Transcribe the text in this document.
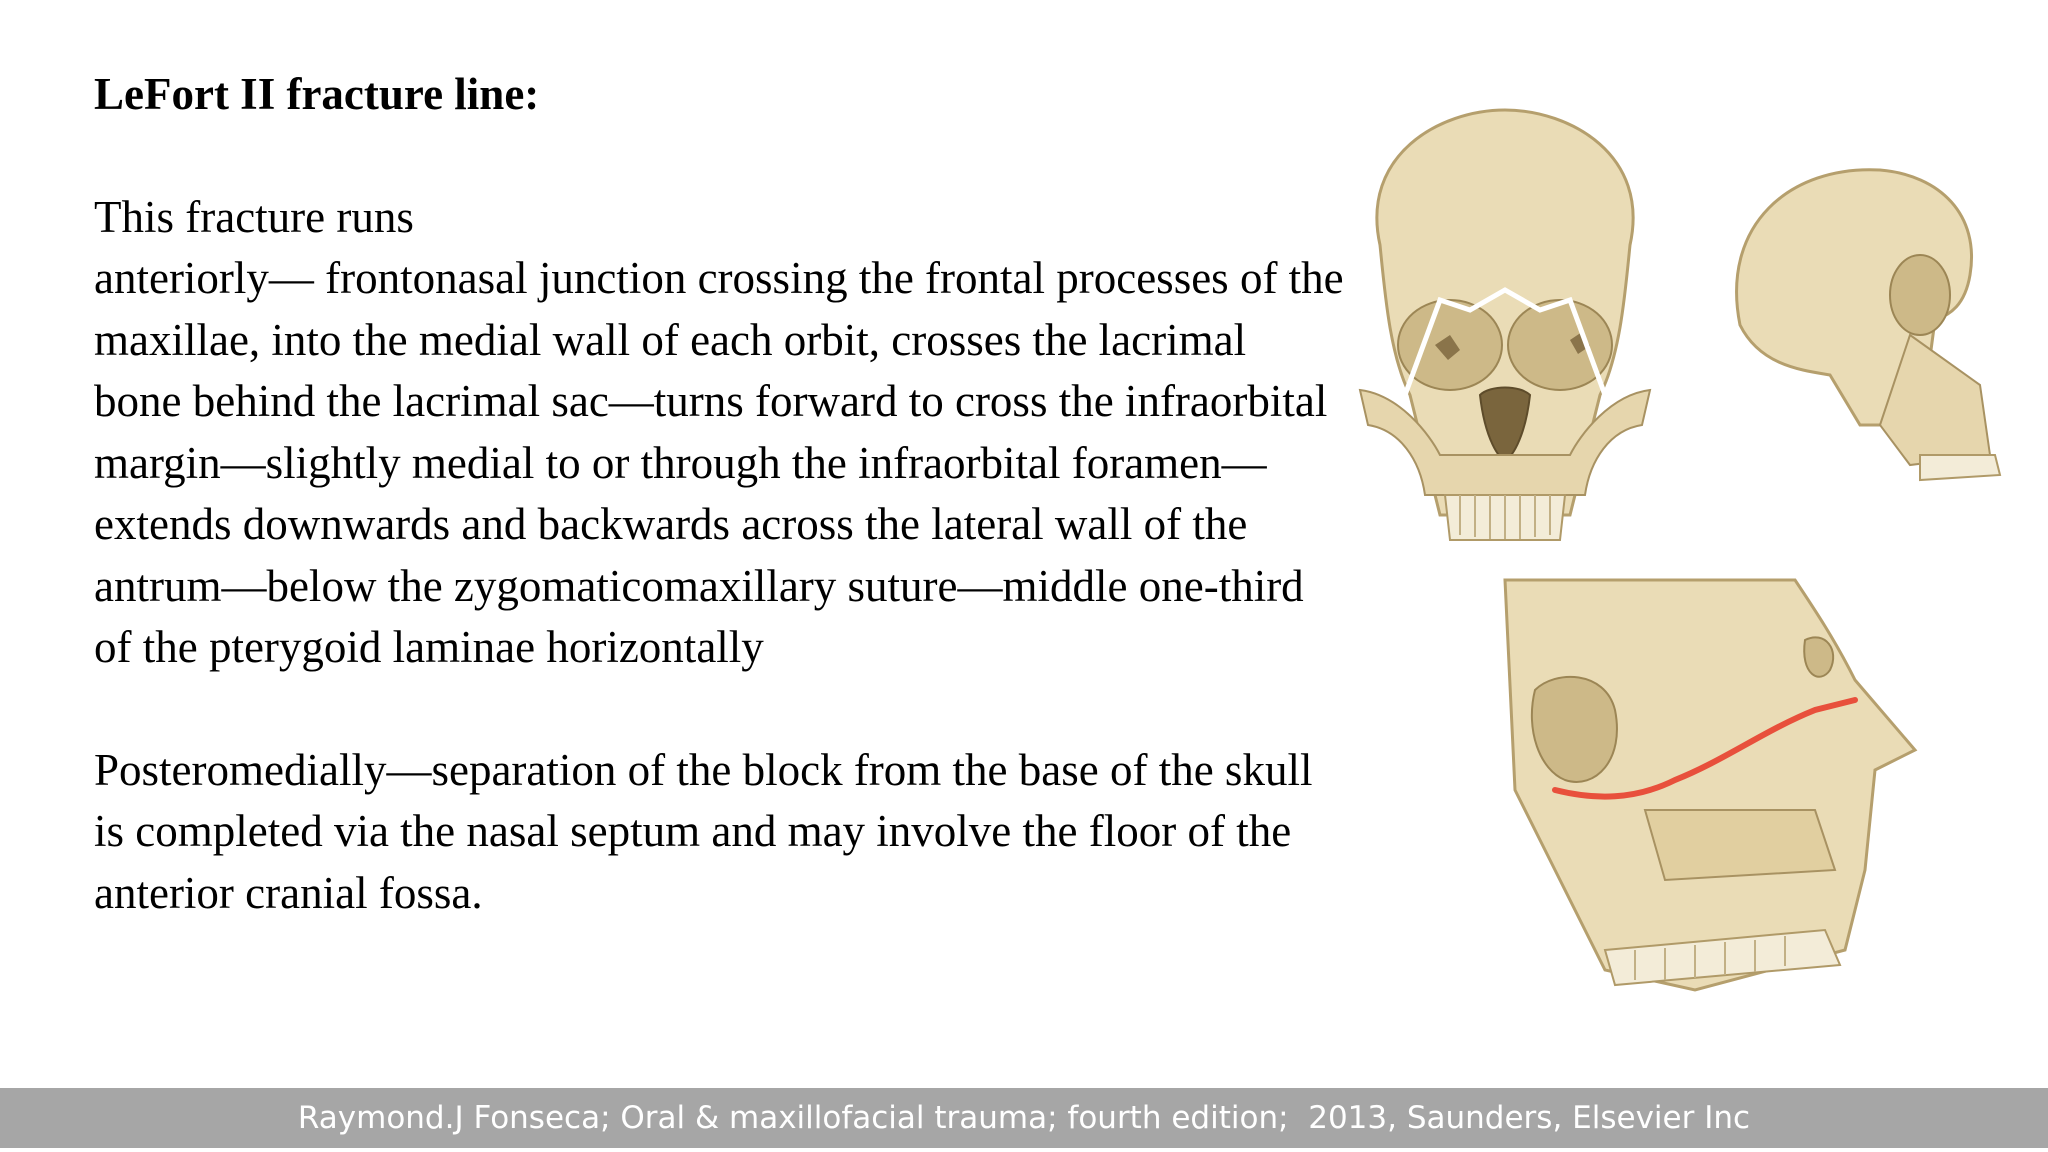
LeFort II fracture line:

This fracture runs
anteriorly— frontonasal junction crossing the frontal processes of the maxillae, into the medial wall of each orbit, crosses the lacrimal bone behind the lacrimal sac—turns forward to cross the infraorbital margin—slightly medial to or through the infraorbital foramen—extends downwards and backwards across the lateral wall of the antrum—below the zygomaticomaxillary suture—middle one-third of the pterygoid laminae horizontally

Posteromedially—separation of the block from the base of the skull is completed via the nasal septum and may involve the floor of the anterior cranial fossa.

Raymond.J Fonseca; Oral & maxillofacial trauma; fourth edition;  2013, Saunders, Elsevier Inc
